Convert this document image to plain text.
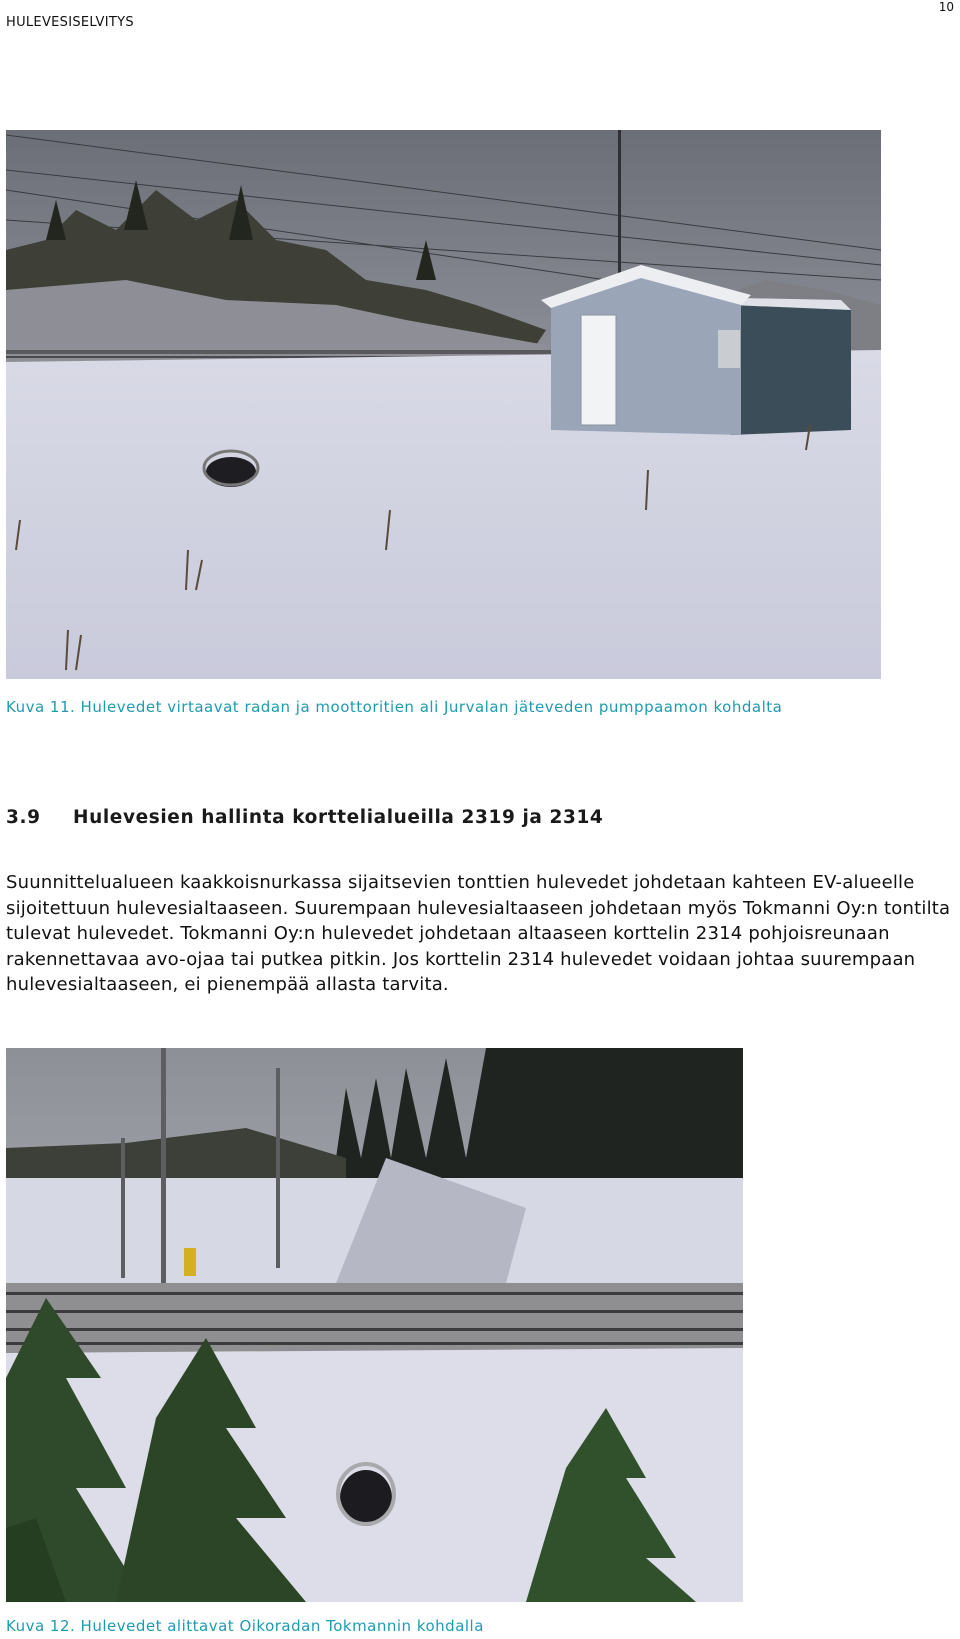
HULEVESISELVITYS
10
Kuva 11. Hulevedet virtaavat radan ja moottoritien ali Jurvalan jäteveden pumppaamon kohdalta
3.9 Hulevesien hallinta korttelialueilla 2319 ja 2314

Suunnittelualueen kaakkoisnurkassa sijaitsevien tonttien hulevedet johdetaan kahteen EV-alueelle sijoitettuun hulevesialtaaseen. Suurempaan hulevesialtaaseen johdetaan myös Tokmanni Oy:n tontilta tulevat hulevedet. Tokmanni Oy:n hulevedet johdetaan altaaseen korttelin 2314 pohjoisreunaan rakennettavaa avo-ojaa tai putkea pitkin. Jos korttelin 2314 hulevedet voidaan johtaa suurempaan hulevesialtaaseen, ei pienempää allasta tarvita.

Kuva 12. Hulevedet alittavat Oikoradan Tokmannin kohdalla
